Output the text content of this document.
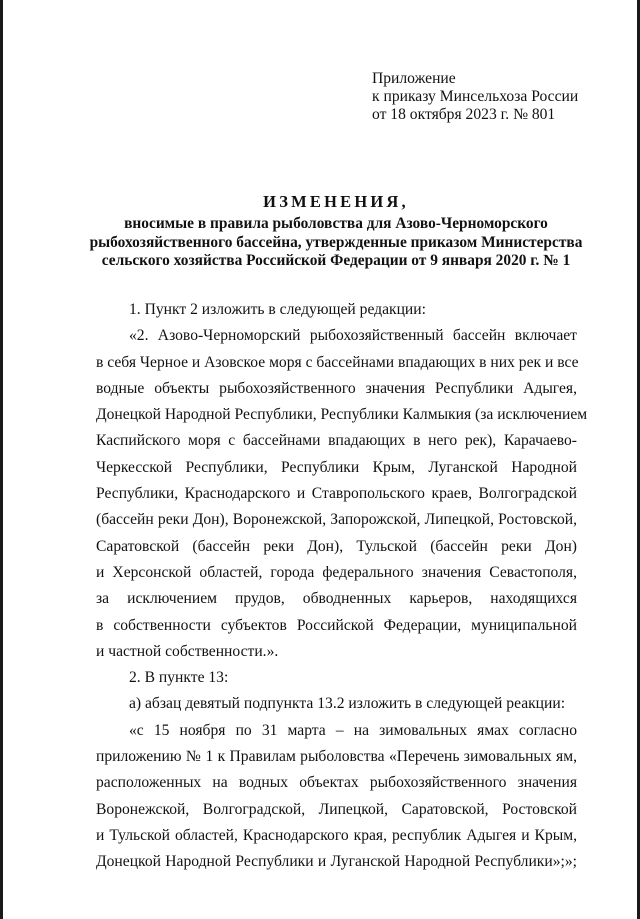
Приложение
к приказу Минсельхоза России
от 18 октября 2023 г. № 801
ИЗМЕНЕНИЯ,
вносимые в правила рыболовства для Азово-Черноморского
рыбохозяйственного бассейна, утвержденные приказом Министерства
сельского хозяйства Российской Федерации от 9 января 2020 г. № 1
1. Пункт 2 изложить в следующей редакции:
«2. Азово-Черноморский рыбохозяйственный бассейн включает
в себя Черное и Азовское моря с бассейнами впадающих в них рек и все
водные объекты рыбохозяйственного значения Республики Адыгея,
Донецкой Народной Республики, Республики Калмыкия (за исключением
Каспийского моря с бассейнами впадающих в него рек), Карачаево-
Черкесской Республики, Республики Крым, Луганской Народной
Республики, Краснодарского и Ставропольского краев, Волгоградской
(бассейн реки Дон), Воронежской, Запорожской, Липецкой, Ростовской,
Саратовской (бассейн реки Дон), Тульской (бассейн реки Дон)
и Херсонской областей, города федерального значения Севастополя,
за исключением прудов, обводненных карьеров, находящихся
в собственности субъектов Российской Федерации, муниципальной
и частной собственности.».
2. В пункте 13:
а) абзац девятый подпункта 13.2 изложить в следующей реакции:
«с 15 ноября по 31 марта – на зимовальных ямах согласно
приложению № 1 к Правилам рыболовства «Перечень зимовальных ям,
расположенных на водных объектах рыбохозяйственного значения
Воронежской, Волгоградской, Липецкой, Саратовской, Ростовской
и Тульской областей, Краснодарского края, республик Адыгея и Крым,
Донецкой Народной Республики и Луганской Народной Республики»;»;
